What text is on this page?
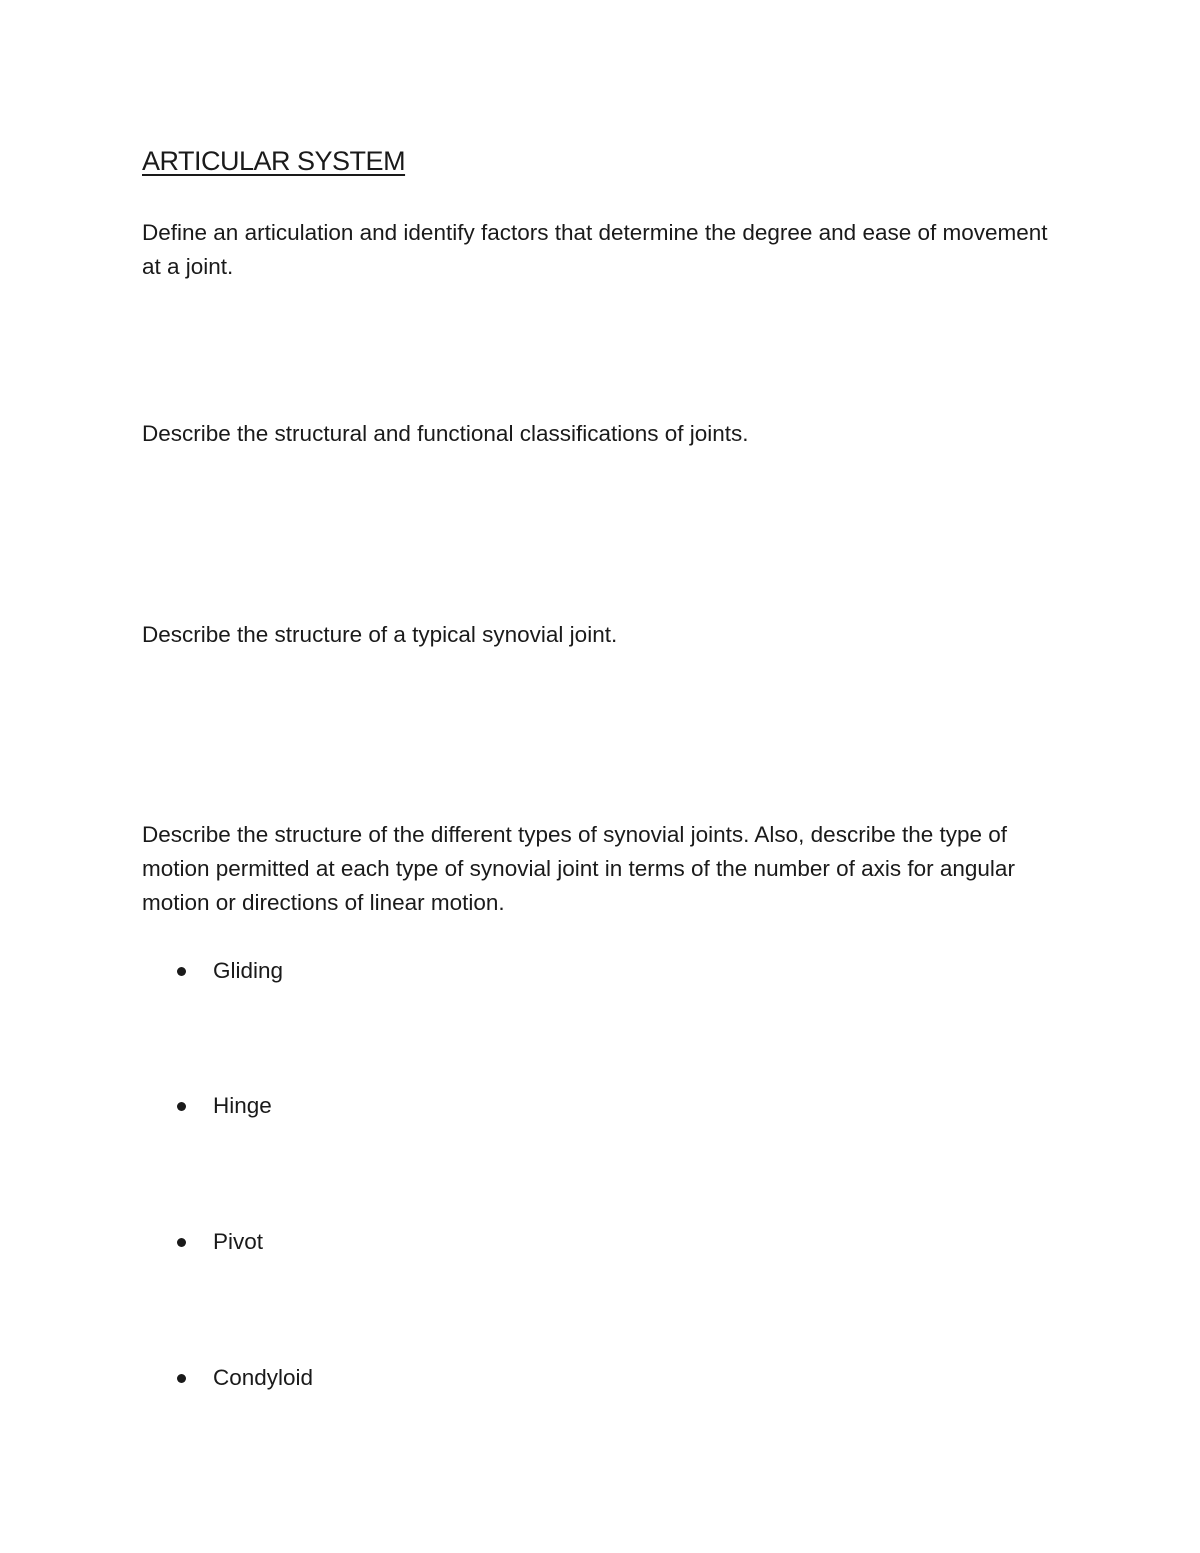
ARTICULAR SYSTEM

Define an articulation and identify factors that determine the degree and ease of movement at a joint.

Describe the structural and functional classifications of joints.

Describe the structure of a typical synovial joint.

Describe the structure of the different types of synovial joints. Also, describe the type of motion permitted at each type of synovial joint in terms of the number of axis for angular motion or directions of linear motion.

Gliding
Hinge
Pivot
Condyloid
